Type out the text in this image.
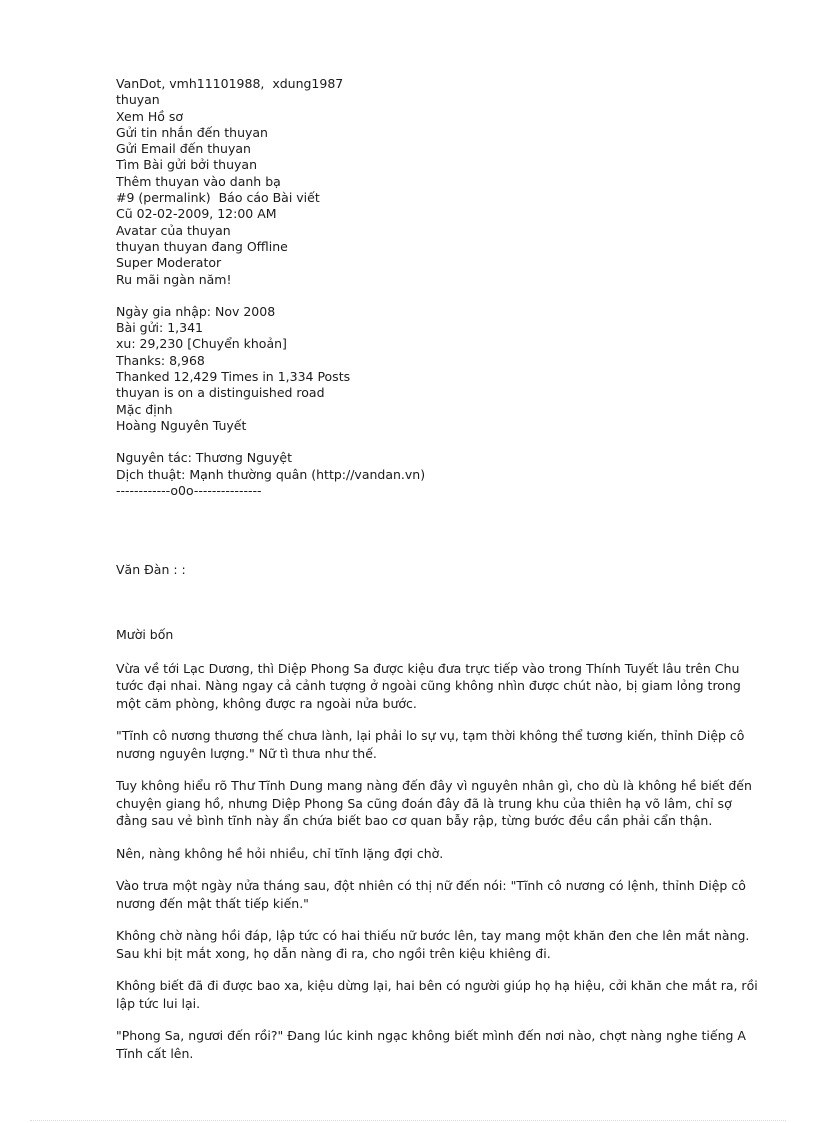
VanDot, vmh11101988,  xdung1987
thuyan
Xem Hồ sơ
Gửi tin nhắn đến thuyan
Gửi Email đến thuyan
Tìm Bài gửi bởi thuyan
Thêm thuyan vào danh bạ
#9 (permalink)  Báo cáo Bài viết
Cũ 02-02-2009, 12:00 AM
Avatar của thuyan
thuyan thuyan đang Offline
Super Moderator
Ru mãi ngàn năm!
Ngày gia nhập: Nov 2008
Bài gửi: 1,341
xu: 29,230 [Chuyển khoản]
Thanks: 8,968
Thanked 12,429 Times in 1,334 Posts
thuyan is on a distinguished road
Mặc định
Hoàng Nguyên Tuyết
Nguyên tác: Thương Nguyệt
Dịch thuật: Mạnh thường quân (http://vandan.vn)
------------o0o---------------
Văn Đàn : :
Mười bốn

Vừa về tới Lạc Dương, thì Diệp Phong Sa được kiệu đưa trực tiếp vào trong Thính Tuyết lâu trên Chu tước đại nhai. Nàng ngay cả cảnh tượng ở ngoài cũng không nhìn được chút nào, bị giam lỏng trong một căm phòng, không được ra ngoài nửa bước.

"Tĩnh cô nương thương thế chưa lành, lại phải lo sự vụ, tạm thời không thể tương kiến, thỉnh Diệp cô nương nguyên lượng." Nữ tì thưa như thế.

Tuy không hiểu rõ Thư Tĩnh Dung mang nàng đến đây vì nguyên nhân gì, cho dù là không hề biết đến chuyện giang hồ, nhưng Diệp Phong Sa cũng đoán đây đã là trung khu của thiên hạ võ lâm, chỉ sợ đằng sau vẻ bình tĩnh này ẩn chứa biết bao cơ quan bẫy rập, từng bước đều cần phải cẩn thận.

Nên, nàng không hề hỏi nhiều, chỉ tĩnh lặng đợi chờ.

Vào trưa một ngày nửa tháng sau, đột nhiên có thị nữ đến nói: "Tĩnh cô nương có lệnh, thỉnh Diệp cô nương đến mật thất tiếp kiến."

Không chờ nàng hồi đáp, lập tức có hai thiếu nữ bước lên, tay mang một khăn đen che lên mắt nàng. Sau khi bịt mắt xong, họ dẫn nàng đi ra, cho ngồi trên kiệu khiêng đi.

Không biết đã đi được bao xa, kiệu dừng lại, hai bên có người giúp họ hạ hiệu, cởi khăn che mắt ra, rồi lập tức lui lại.

"Phong Sa, ngươi đến rồi?" Đang lúc kinh ngạc không biết mình đến nơi nào, chợt nàng nghe tiếng A Tĩnh cất lên.
